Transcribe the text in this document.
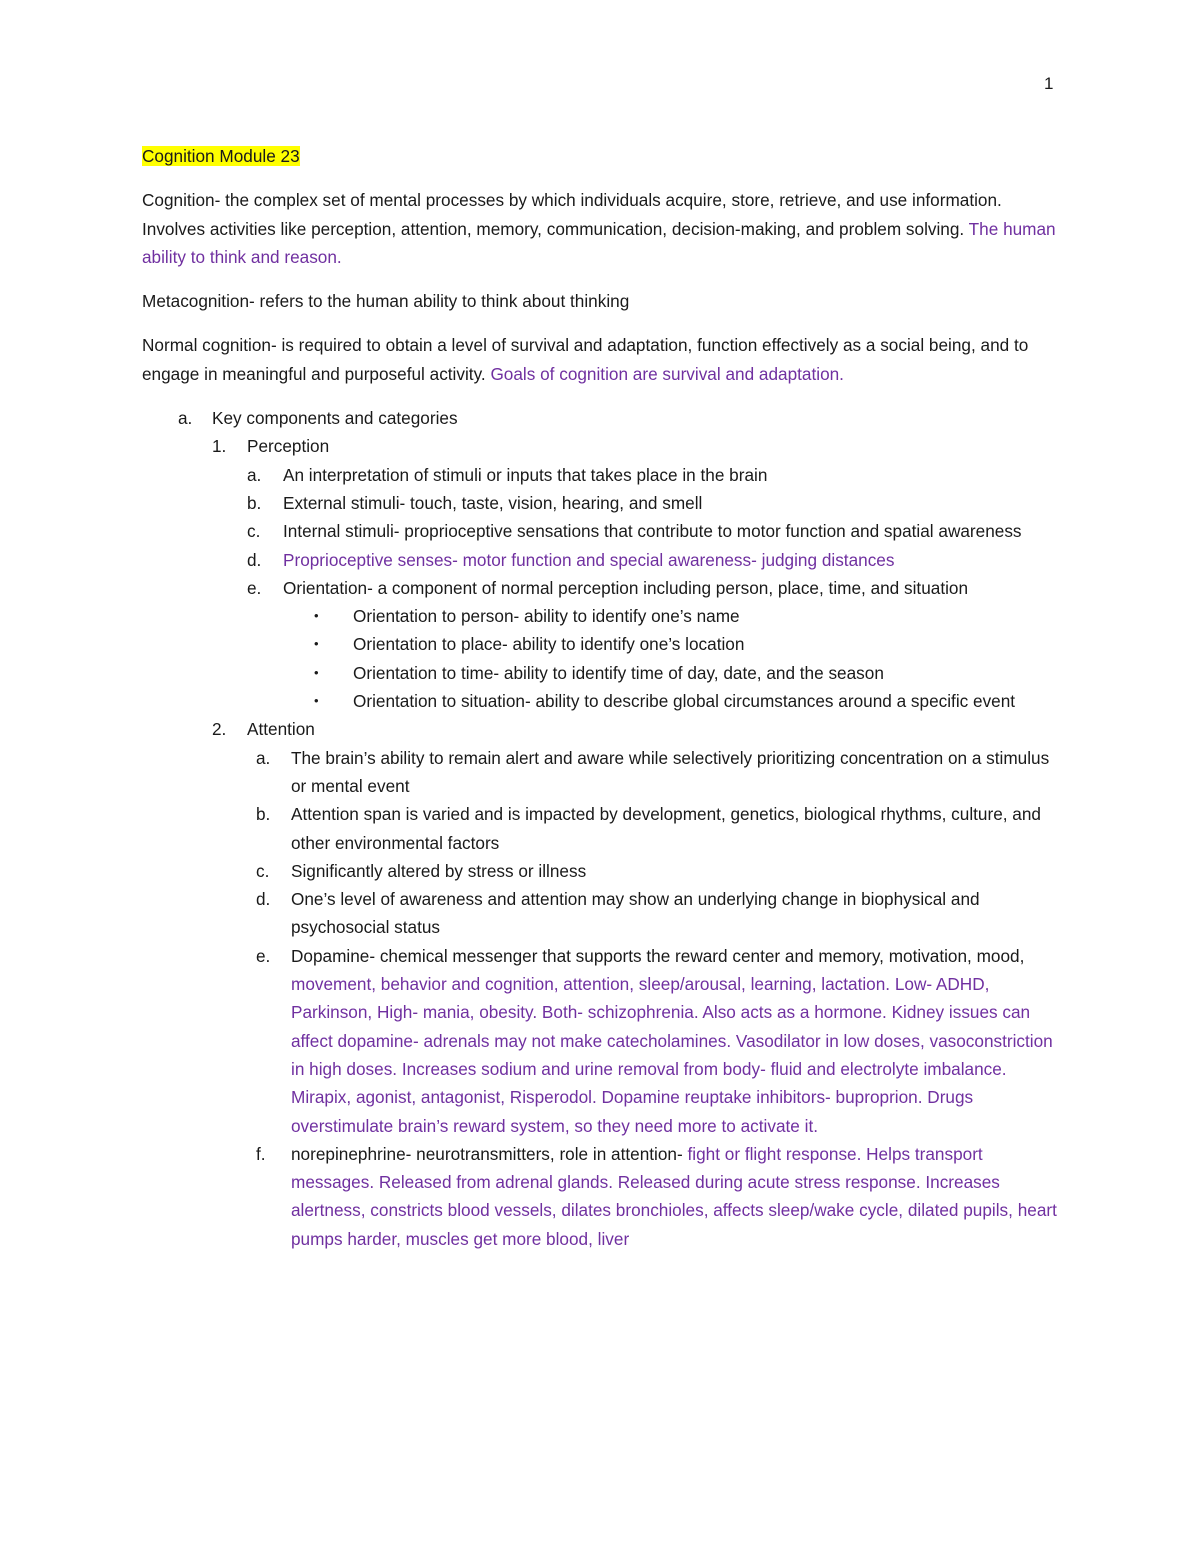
1

Cognition Module 23

Cognition- the complex set of mental processes by which individuals acquire, store, retrieve, and use information. Involves activities like perception, attention, memory, communication, decision-making, and problem solving. The human ability to think and reason.

Metacognition- refers to the human ability to think about thinking

Normal cognition- is required to obtain a level of survival and adaptation, function effectively as a social being, and to engage in meaningful and purposeful activity. Goals of cognition are survival and adaptation.

a. Key components and categories
1. Perception
a. An interpretation of stimuli or inputs that takes place in the brain
b. External stimuli- touch, taste, vision, hearing, and smell
c. Internal stimuli- proprioceptive sensations that contribute to motor function and spatial awareness
d. Proprioceptive senses- motor function and special awareness- judging distances
e. Orientation- a component of normal perception including person, place, time, and situation
• Orientation to person- ability to identify one’s name
• Orientation to place- ability to identify one’s location
• Orientation to time- ability to identify time of day, date, and the season
• Orientation to situation- ability to describe global circumstances around a specific event
2. Attention
a. The brain’s ability to remain alert and aware while selectively prioritizing concentration on a stimulus or mental event
b. Attention span is varied and is impacted by development, genetics, biological rhythms, culture, and other environmental factors
c. Significantly altered by stress or illness
d. One’s level of awareness and attention may show an underlying change in biophysical and psychosocial status
e. Dopamine- chemical messenger that supports the reward center and memory, motivation, mood, movement, behavior and cognition, attention, sleep/arousal, learning, lactation. Low- ADHD, Parkinson, High- mania, obesity. Both- schizophrenia. Also acts as a hormone. Kidney issues can affect dopamine- adrenals may not make catecholamines. Vasodilator in low doses, vasoconstriction in high doses. Increases sodium and urine removal from body- fluid and electrolyte imbalance. Mirapix, agonist, antagonist, Risperodol. Dopamine reuptake inhibitors- buproprion. Drugs overstimulate brain’s reward system, so they need more to activate it.
f. norepinephrine- neurotransmitters, role in attention- fight or flight response. Helps transport messages. Released from adrenal glands. Released during acute stress response. Increases alertness, constricts blood vessels, dilates bronchioles, affects sleep/wake cycle, dilated pupils, heart pumps harder, muscles get more blood, liver
